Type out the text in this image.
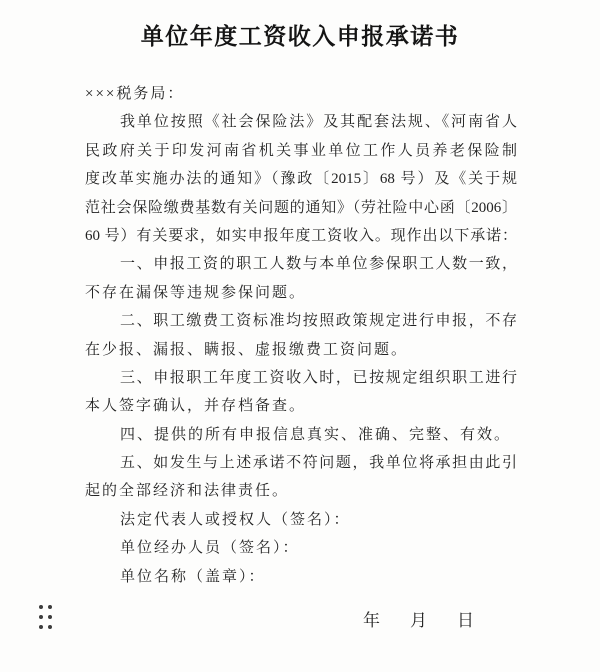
单位年度工资收入申报承诺书
×××税务局：
我单位按照《社会保险法》及其配套法规、《河南省人
民政府关于印发河南省机关事业单位工作人员养老保险制
度改革实施办法的通知》（豫政〔2015〕68 号）及《关于规
范社会保险缴费基数有关问题的通知》（劳社险中心函〔2006〕
60 号）有关要求，如实申报年度工资收入。现作出以下承诺：
一、申报工资的职工人数与本单位参保职工人数一致，
不存在漏保等违规参保问题。
二、职工缴费工资标准均按照政策规定进行申报，不存
在少报、漏报、瞒报、虚报缴费工资问题。
三、申报职工年度工资收入时，已按规定组织职工进行
本人签字确认，并存档备查。
四、提供的所有申报信息真实、准确、完整、有效。
五、如发生与上述承诺不符问题，我单位将承担由此引
起的全部经济和法律责任。
法定代表人或授权人（签名）：
单位经办人员（签名）：
单位名称（盖章）：
年 月 日
